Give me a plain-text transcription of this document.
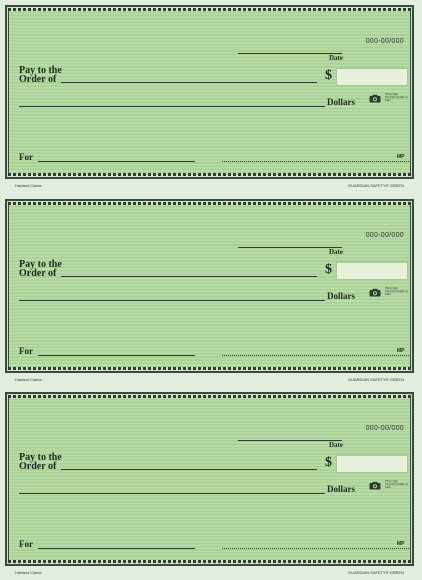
000-00/000
Date
Pay to the
Order of	$
Dollars
Photo Safe Deposit® Details on back
For	MP
Harland Clarke	GUARDIAN SAFETY® GREEN
000-00/000
Date
Pay to the
Order of	$
Dollars
Photo Safe Deposit® Details on back
For	MP
Harland Clarke	GUARDIAN SAFETY® GREEN
000-00/000
Date
Pay to the
Order of	$
Dollars
Photo Safe Deposit® Details on back
For	MP
Harland Clarke	GUARDIAN SAFETY® GREEN
